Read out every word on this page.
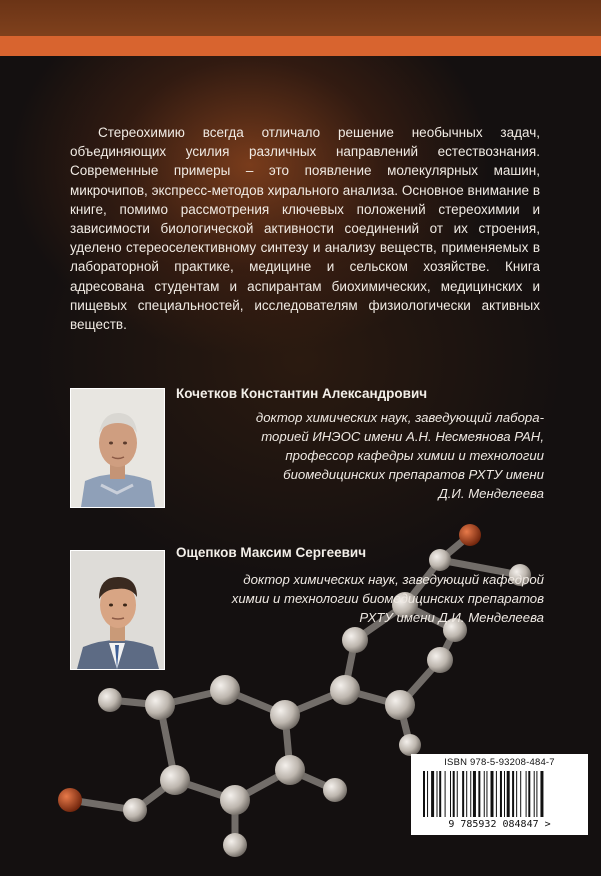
Стереохимию всегда отличало решение необычных задач, объединяющих усилия различных направлений естествознания. Современные примеры – это появление молекулярных машин, микрочипов, экспресс-методов хирального анализа. Основное внимание в книге, помимо рассмотрения ключевых положений стереохимии и зависимости биологической активности соединений от их строения, уделено стереоселективному синтезу и анализу веществ, применяемых в лабораторной практике, медицине и сельском хозяйстве. Книга адресована студентам и аспирантам биохимических, медицинских и пищевых специальностей, исследователям физиологически активных веществ.

Кочетков Константин Александрович

доктор химических наук, заведующий лабора-
торией ИНЭОС имени А.Н. Несмеянова РАН,
профессор кафедры химии и технологии
биомедицинских препаратов РХТУ имени
Д.И. Менделеева

Ощепков Максим Сергеевич

доктор химических наук, заведующий кафедрой
химии и технологии биомедицинских препаратов
РХТУ имени Д.И. Менделеева

ISBN 978-5-93208-484-7
9 785932 084847 >
